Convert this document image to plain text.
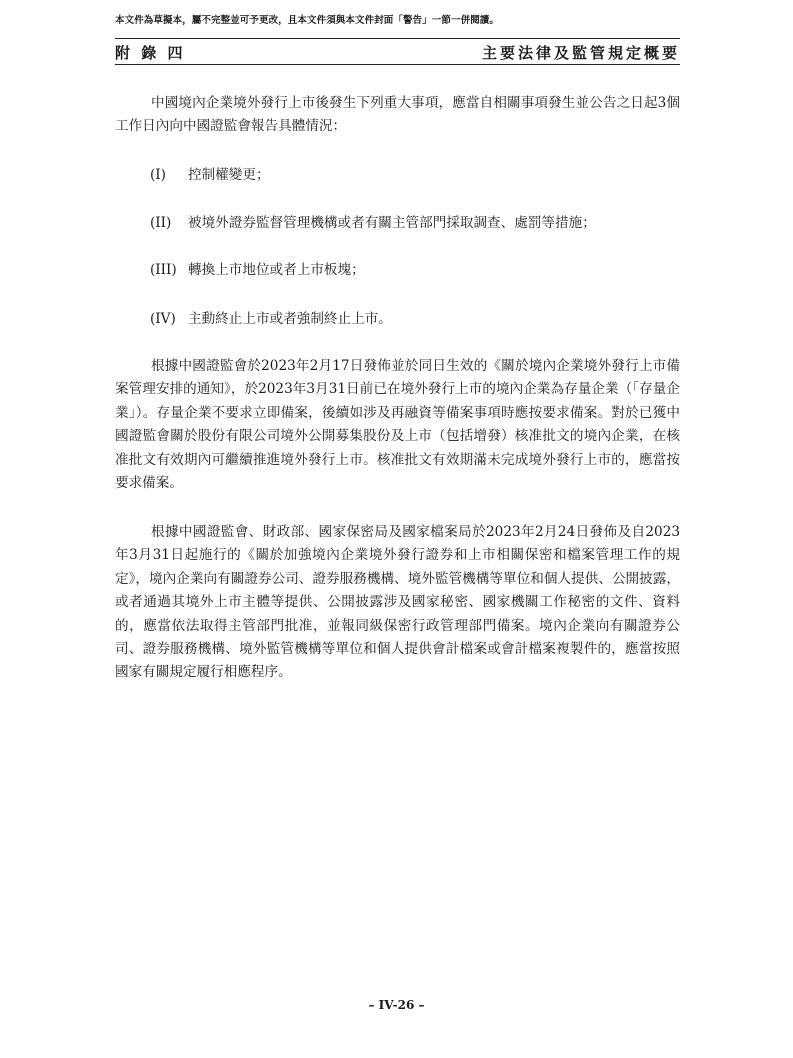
本文件為草擬本，屬不完整並可予更改，且本文件須與本文件封面「警告」一節一併閱讀。
附 錄 四	主要法律及監管規定概要

中國境內企業境外發行上市後發生下列重大事項，應當自相關事項發生並公告之日起3個工作日內向中國證監會報告具體情況：

(I) 控制權變更；
(II) 被境外證券監督管理機構或者有關主管部門採取調查、處罰等措施；
(III) 轉換上市地位或者上市板塊；
(IV) 主動終止上市或者強制終止上市。

根據中國證監會於2023年2月17日發佈並於同日生效的《關於境內企業境外發行上市備案管理安排的通知》，於2023年3月31日前已在境外發行上市的境內企業為存量企業（「存量企業」）。存量企業不要求立即備案，後續如涉及再融資等備案事項時應按要求備案。對於已獲中國證監會關於股份有限公司境外公開募集股份及上市（包括增發）核准批文的境內企業，在核准批文有效期內可繼續推進境外發行上市。核准批文有效期滿未完成境外發行上市的，應當按要求備案。

根據中國證監會、財政部、國家保密局及國家檔案局於2023年2月24日發佈及自2023年3月31日起施行的《關於加強境內企業境外發行證券和上市相關保密和檔案管理工作的規定》，境內企業向有關證券公司、證券服務機構、境外監管機構等單位和個人提供、公開披露，或者通過其境外上市主體等提供、公開披露涉及國家秘密、國家機關工作秘密的文件、資料的，應當依法取得主管部門批准，並報同級保密行政管理部門備案。境內企業向有關證券公司、證券服務機構、境外監管機構等單位和個人提供會計檔案或會計檔案複製件的，應當按照國家有關規定履行相應程序。

– IV-26 –
